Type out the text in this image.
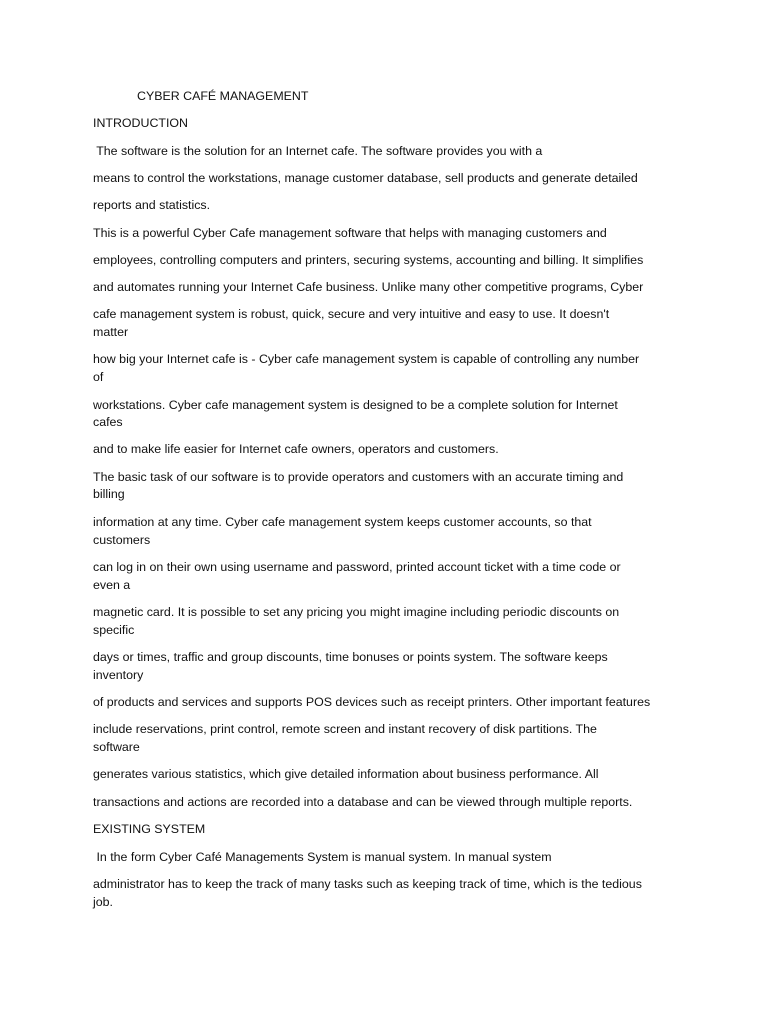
CYBER CAFÉ MANAGEMENT
INTRODUCTION
The software is the solution for an Internet cafe. The software provides you with a
means to control the workstations, manage customer database, sell products and generate detailed
reports and statistics.
This is a powerful Cyber Cafe management software that helps with managing customers and
employees, controlling computers and printers, securing systems, accounting and billing. It simplifies
and automates running your Internet Cafe business. Unlike many other competitive programs, Cyber
cafe management system is robust, quick, secure and very intuitive and easy to use. It doesn't
matter
how big your Internet cafe is - Cyber cafe management system is capable of controlling any number
of
workstations. Cyber cafe management system is designed to be a complete solution for Internet
cafes
and to make life easier for Internet cafe owners, operators and customers.
The basic task of our software is to provide operators and customers with an accurate timing and
billing
information at any time. Cyber cafe management system keeps customer accounts, so that
customers
can log in on their own using username and password, printed account ticket with a time code or
even a
magnetic card. It is possible to set any pricing you might imagine including periodic discounts on
specific
days or times, traffic and group discounts, time bonuses or points system. The software keeps
inventory
of products and services and supports POS devices such as receipt printers. Other important features
include reservations, print control, remote screen and instant recovery of disk partitions. The
software
generates various statistics, which give detailed information about business performance. All
transactions and actions are recorded into a database and can be viewed through multiple reports.
EXISTING SYSTEM
In the form Cyber Café Managements System is manual system. In manual system
administrator has to keep the track of many tasks such as keeping track of time, which is the tedious
job.
